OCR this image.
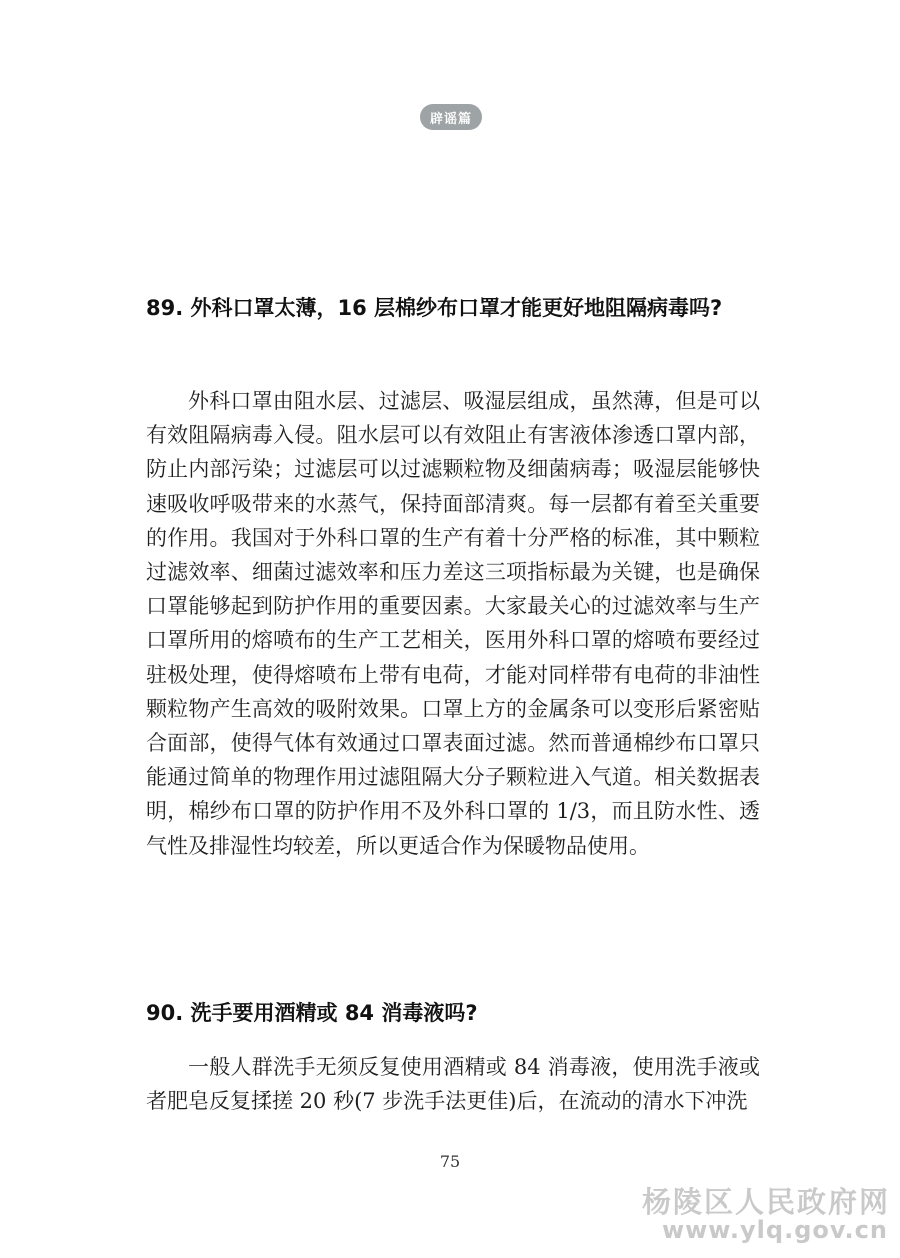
辟谣篇
89. 外科口罩太薄，16 层棉纱布口罩才能更好地阻隔病毒吗?
外科口罩由阻水层、过滤层、吸湿层组成，虽然薄，但是可以有效阻隔病毒入侵。阻水层可以有效阻止有害液体渗透口罩内部，防止内部污染；过滤层可以过滤颗粒物及细菌病毒；吸湿层能够快速吸收呼吸带来的水蒸气，保持面部清爽。每一层都有着至关重要的作用。我国对于外科口罩的生产有着十分严格的标准，其中颗粒过滤效率、细菌过滤效率和压力差这三项指标最为关键，也是确保口罩能够起到防护作用的重要因素。大家最关心的过滤效率与生产口罩所用的熔喷布的生产工艺相关，医用外科口罩的熔喷布要经过驻极处理，使得熔喷布上带有电荷，才能对同样带有电荷的非油性颗粒物产生高效的吸附效果。口罩上方的金属条可以变形后紧密贴合面部，使得气体有效通过口罩表面过滤。然而普通棉纱布口罩只能通过简单的物理作用过滤阻隔大分子颗粒进入气道。相关数据表明，棉纱布口罩的防护作用不及外科口罩的 1/3，而且防水性、透气性及排湿性均较差，所以更适合作为保暖物品使用。
90. 洗手要用酒精或 84 消毒液吗?
一般人群洗手无须反复使用酒精或 84 消毒液，使用洗手液或者肥皂反复揉搓 20 秒(7 步洗手法更佳)后，在流动的清水下冲洗
75
杨陵区人民政府网
www.ylq.gov.cn
